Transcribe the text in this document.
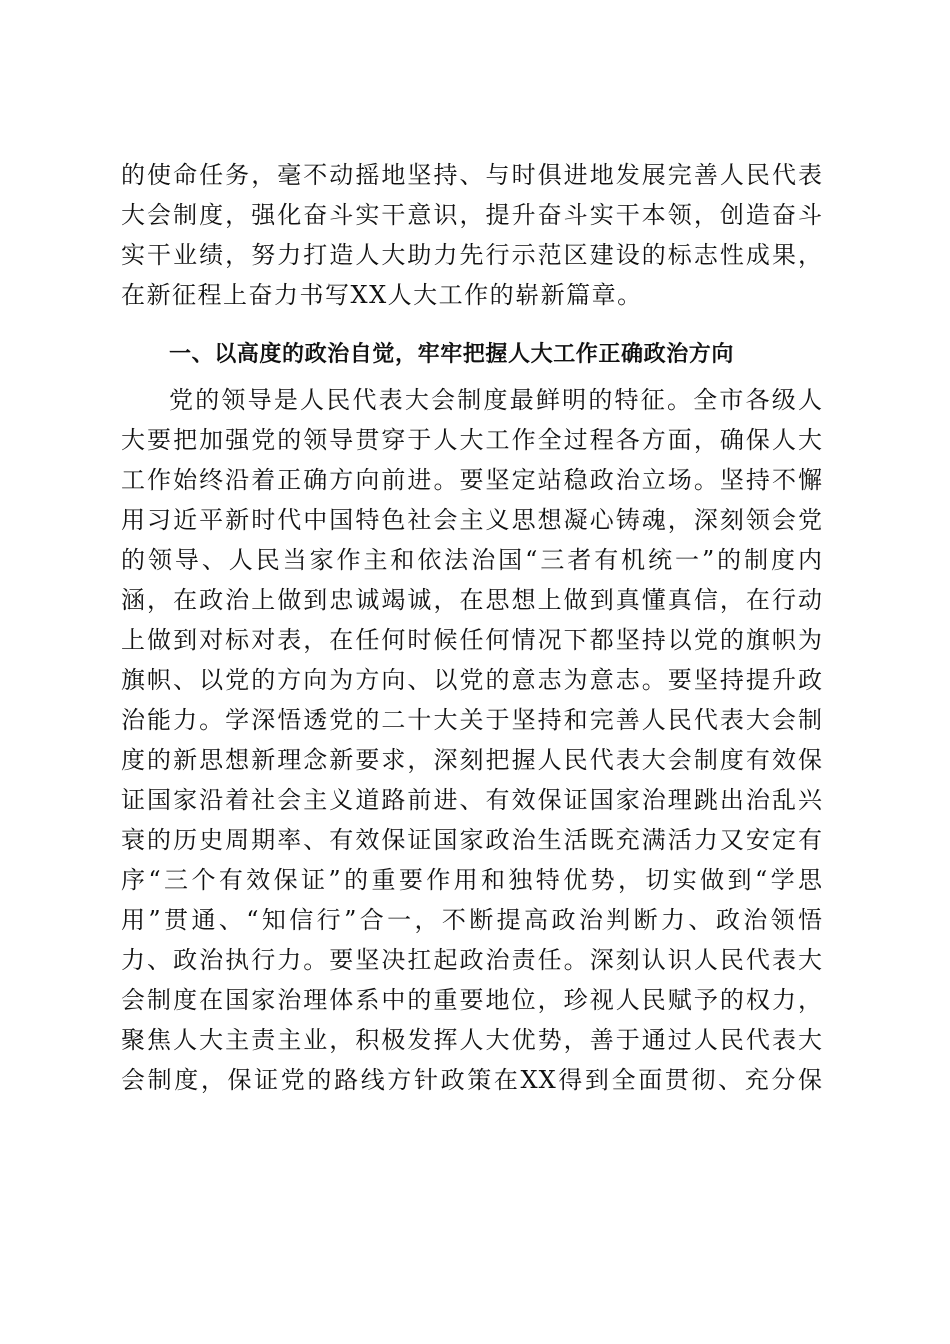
的使命任务，毫不动摇地坚持、与时俱进地发展完善人民代表
大会制度，强化奋斗实干意识，提升奋斗实干本领，创造奋斗
实干业绩，努力打造人大助力先行示范区建设的标志性成果，
在新征程上奋力书写XX人大工作的崭新篇章。
一、以高度的政治自觉，牢牢把握人大工作正确政治方向
党的领导是人民代表大会制度最鲜明的特征。全市各级人
大要把加强党的领导贯穿于人大工作全过程各方面，确保人大
工作始终沿着正确方向前进。要坚定站稳政治立场。坚持不懈
用习近平新时代中国特色社会主义思想凝心铸魂，深刻领会党
的领导、人民当家作主和依法治国“三者有机统一”的制度内
涵，在政治上做到忠诚竭诚，在思想上做到真懂真信，在行动
上做到对标对表，在任何时候任何情况下都坚持以党的旗帜为
旗帜、以党的方向为方向、以党的意志为意志。要坚持提升政
治能力。学深悟透党的二十大关于坚持和完善人民代表大会制
度的新思想新理念新要求，深刻把握人民代表大会制度有效保
证国家沿着社会主义道路前进、有效保证国家治理跳出治乱兴
衰的历史周期率、有效保证国家政治生活既充满活力又安定有
序“三个有效保证”的重要作用和独特优势，切实做到“学思
用”贯通、“知信行”合一，不断提高政治判断力、政治领悟
力、政治执行力。要坚决扛起政治责任。深刻认识人民代表大
会制度在国家治理体系中的重要地位，珍视人民赋予的权力，
聚焦人大主责主业，积极发挥人大优势，善于通过人民代表大
会制度，保证党的路线方针政策在XX得到全面贯彻、充分保
